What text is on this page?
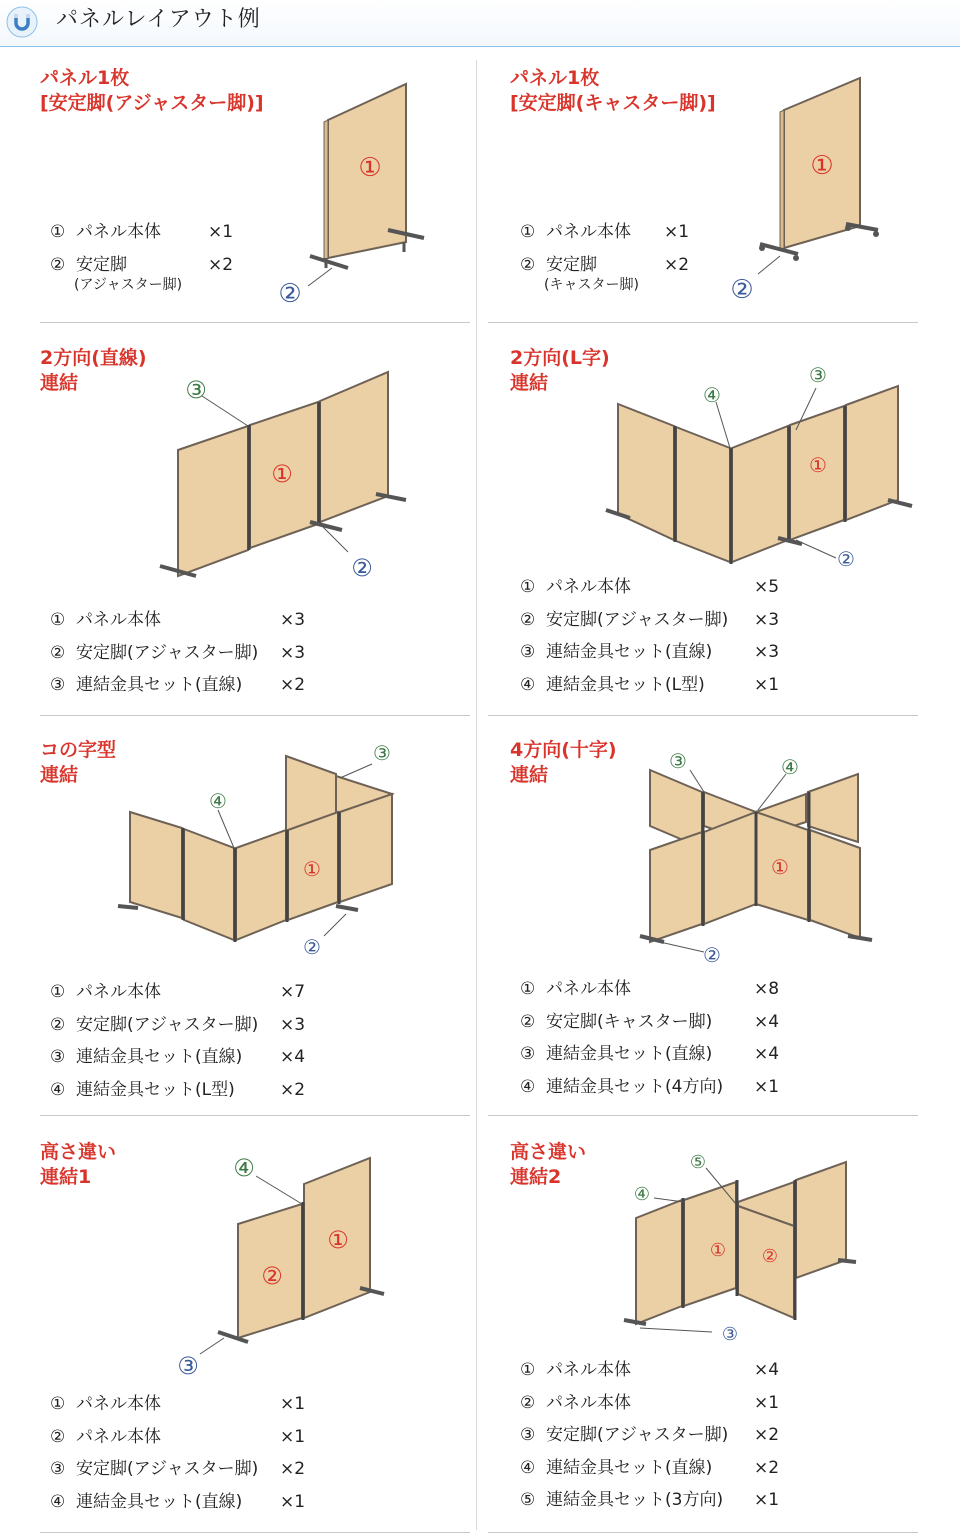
パネルレイアウト例
パネル1枚
[安定脚(アジャスター脚)]
①
②
① パネル本体	×1
② 安定脚	×2
(アジャスター脚)
パネル1枚
[安定脚(キャスター脚)]
①
②
① パネル本体 ×1
② 安定脚	×2
(キャスター脚)
2方向(直線)
連結	③
①
②
① パネル本体	×3
② 安定脚(アジャスター脚) ×3
③ 連結金具セット(直線) ×2
2方向(L字)
連結	④
③
①
②
① パネル本体	×5
② 安定脚(アジャスター脚) ×3
③ 連結金具セット(直線) ×3
④ 連結金具セット(L型)	×1
コの字型
連結
④
③
①
②
① パネル本体	×7
② 安定脚(アジャスター脚) ×3
③ 連結金具セット(直線) ×4
④ 連結金具セット(L型)	×2
4方向(十字)
連結
③	④
①
②
① パネル本体	×8
② 安定脚(キャスター脚) ×4
③ 連結金具セット(直線) ×4
④ 連結金具セット(4方向) ×1
高さ違い
連結1	④
①
②
③
① パネル本体	×1
② パネル本体	×1
③ 安定脚(アジャスター脚) ×2
④ 連結金具セット(直線) ×1
高さ違い
連結2
⑤
④
① ②
③
① パネル本体	×4
② パネル本体	×1
③ 安定脚(アジャスター脚) ×2
④ 連結金具セット(直線) ×2
⑤ 連結金具セット(3方向) ×1
